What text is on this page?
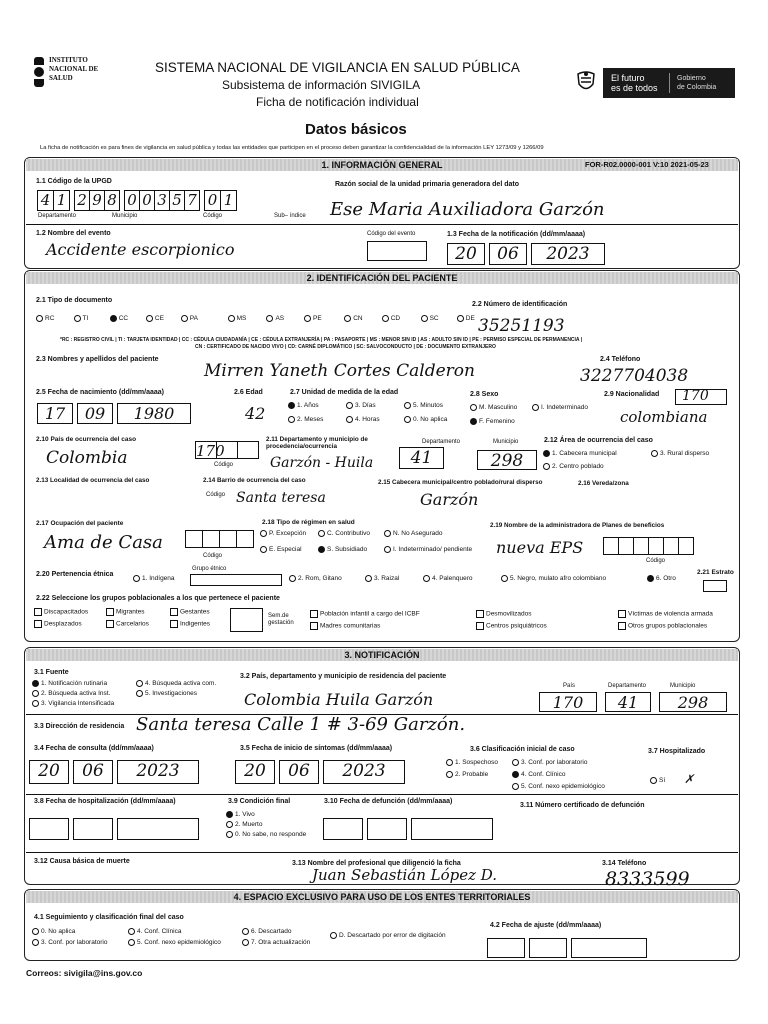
INSTITUTO
NACIONAL DE
SALUD
SISTEMA NACIONAL DE VIGILANCIA EN SALUD PÚBLICA
Subsistema de información SIVIGILA
Ficha de notificación individual
El futuro
es de todos
Gobierno
de Colombia
Datos básicos
La ficha de notificación es para fines de vigilancia en salud pública y todas las entidades que participen en el proceso deben garantizar la confidencialidad de la información LEY 1273/09 y 1266/09
1. INFORMACIÓN GENERAL	FOR-R02.0000-001 V:10 2021-05-23
1.1 Código de la UPGD
4 1 2 9 8 0 0 3 5 7 0 1
Departamento	Municipio	Código	Sub– índice
Razón social de la unidad primaria generadora del dato
Ese Maria Auxiliadora Garzón
1.2 Nombre del evento
Accidente escorpionico
Código del evento	1.3 Fecha de la notificación (dd/mm/aaaa)
20	06	2023
2. IDENTIFICACIÓN DEL PACIENTE
2.1 Tipo de documento
RC	TI	CC	CE	PA	MS	AS	PE	CN	CD	SC	DE
2.2 Número de identificación
35251193
*RC : REGISTRO CIVIL | TI : TARJETA IDENTIDAD | CC : CÉDULA CIUDADANÍA | CE : CÉDULA EXTRANJERÍA | PA : PASAPORTE | MS : MENOR SIN ID | AS : ADULTO SIN ID | PE : PERMISO ESPECIAL DE PERMANENCIA |
CN : CERTIFICADO DE NACIDO VIVO | CD: CARNÉ DIPLOMÁTICO | SC: SALVOCONDUCTO | DE : DOCUMENTO EXTRANJERO
2.3 Nombres y apellidos del paciente
Mirren Yaneth Cortes Calderon
2.4 Teléfono
3227704038
2.5 Fecha de nacimiento (dd/mm/aaaa)
17	09	1980
2.6 Edad
42
2.7 Unidad de medida de la edad
1. Años	3. Días	5. Minutos
2. Meses	4. Horas	0. No aplica
2.8 Sexo
M. Masculino	I. Indeterminado
F. Femenino
2.9 Nacionalidad 170
colombiana
2.10 País de ocurrencia del caso
Colombia	170
Código
2.11 Departamento y municipio de procedencia/ocurrencia
Garzón - Huila
Departamento	Municipio
41	298
2.12 Área de ocurrencia del caso
1. Cabecera municipal	3. Rural disperso
2. Centro poblado
2.13 Localidad de ocurrencia del caso	2.14 Barrio de ocurrencia del caso
Código Santa teresa
2.15 Cabecera municipal/centro poblado/rural disperso
Garzón
2.16 Vereda/zona
2.17 Ocupación del paciente
Ama de Casa
Código
2.18 Tipo de régimen en salud
P. Excepción	C. Contributivo	N. No Asegurado
E. Especial	S. Subsidiado	I. Indeterminado/ pendiente
2.19 Nombre de la administradora de Planes de beneficios
nueva EPS
Código
2.20 Pertenencia étnica
Grupo étnico
1. Indígena	2. Rom, Gitano	3. Raizal	4. Palenquero	5. Negro, mulato afro colombiano	6. Otro
2.21 Estrato
2.22 Seleccione los grupos poblacionales a los que pertenece el paciente
Discapacitados	Migrantes	Gestantes
Desplazados	Carcelarios	Indigentes
Población infantil a cargo del ICBF
Madres comunitarias
Desmovilizados
Centros psiquiátricos
Víctimas de violencia armada
Otros grupos poblacionales
Sem.de gestación
3. NOTIFICACIÓN
3.1 Fuente
1. Notificación rutinaria	4. Búsqueda activa com.
2. Búsqueda activa Inst.	5. Investigaciones
3. Vigilancia Intensificada
3.2 País, departamento y municipio de residencia del paciente
Colombia Huila Garzón
País	Departamento	Municipio
170	41	298
3.3 Dirección de residencia Santa teresa Calle 1 # 3-69 Garzón.
3.4 Fecha de consulta (dd/mm/aaaa)
20	06	2023
3.5 Fecha de inicio de síntomas (dd/mm/aaaa)
20	06	2023
3.6 Clasificación inicial de caso
1. Sospechoso	3. Conf. por laboratorio
2. Probable	4. Conf. Clínico
5. Conf. nexo epidemiológico
3.7 Hospitalizado
Sí ✗
3.8 Fecha de hospitalización (dd/mm/aaaa)	3.9 Condición final
1. Vivo
2. Muerto
0. No sabe, no responde
3.10 Fecha de defunción (dd/mm/aaaa)
3.11 Número certificado de defunción
3.12 Causa básica de muerte	3.13 Nombre del profesional que diligenció la ficha
Juan Sebastián López D.
3.14 Teléfono
8333599
4. ESPACIO EXCLUSIVO PARA USO DE LOS ENTES TERRITORIALES
4.1 Seguimiento y clasificación final del caso
0. No aplica	4. Conf. Clínica	6. Descartado
D. Descartado por error de digitación
3. Conf. por laboratorio	5. Conf. nexo epidemiológico	7. Otra actualización
4.2 Fecha de ajuste (dd/mm/aaaa)
Correos: sivigila@ins.gov.co
